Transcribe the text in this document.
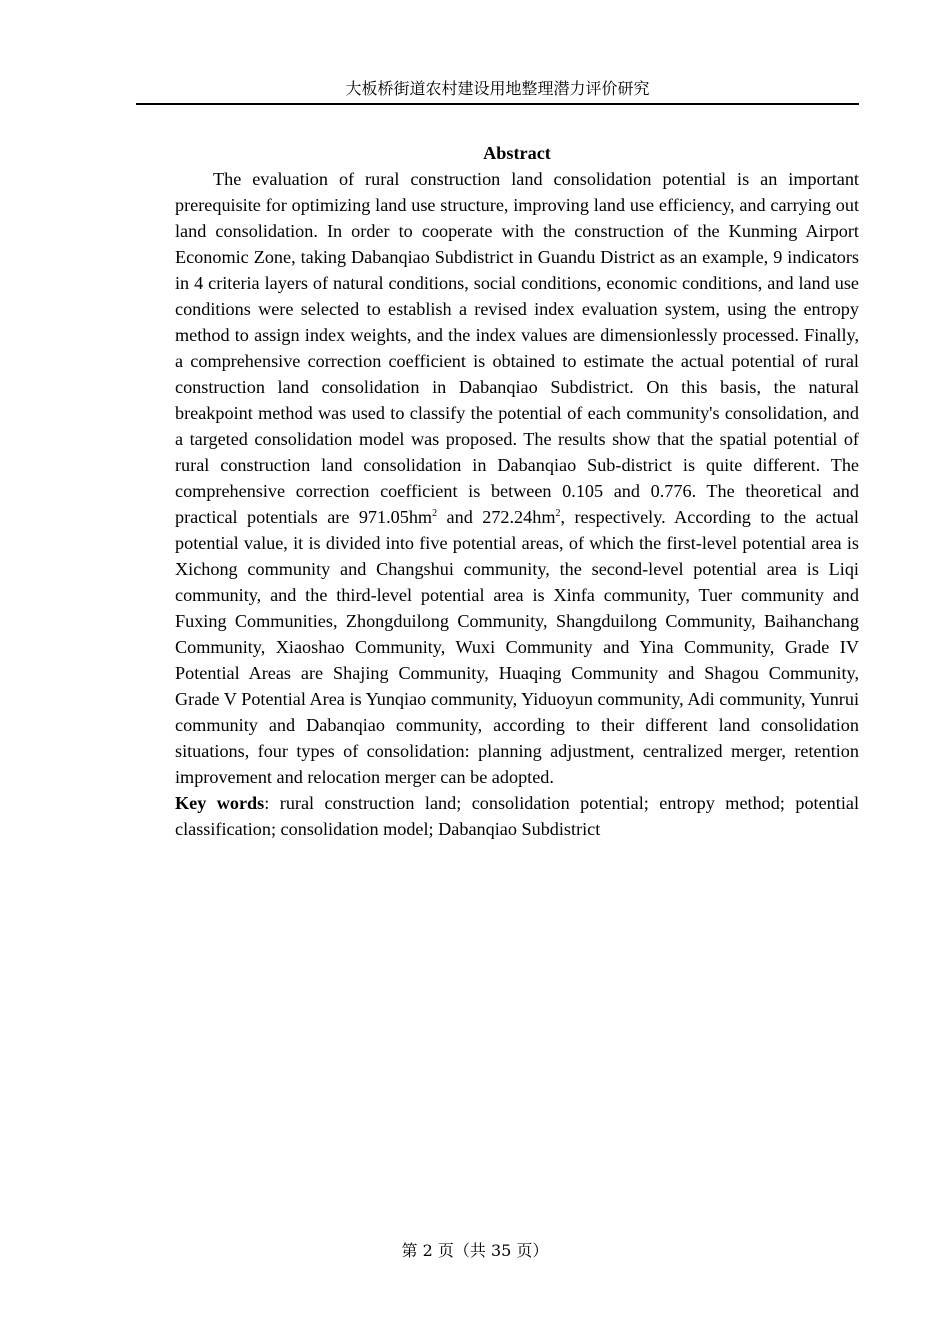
大板桥街道农村建设用地整理潜力评价研究

Abstract

The evaluation of rural construction land consolidation potential is an important prerequisite for optimizing land use structure, improving land use efficiency, and carrying out land consolidation. In order to cooperate with the construction of the Kunming Airport Economic Zone, taking Dabanqiao Subdistrict in Guandu District as an example, 9 indicators in 4 criteria layers of natural conditions, social conditions, economic conditions, and land use conditions were selected to establish a revised index evaluation system, using the entropy method to assign index weights, and the index values are dimensionlessly processed. Finally, a comprehensive correction coefficient is obtained to estimate the actual potential of rural construction land consolidation in Dabanqiao Subdistrict. On this basis, the natural breakpoint method was used to classify the potential of each community's consolidation, and a targeted consolidation model was proposed. The results show that the spatial potential of rural construction land consolidation in Dabanqiao Sub-district is quite different. The comprehensive correction coefficient is between 0.105 and 0.776. The theoretical and practical potentials are $971.05hm^2$ and $272.24hm^2$, respectively. According to the actual potential value, it is divided into five potential areas, of which the first-level potential area is Xichong community and Changshui community, the second-level potential area is Liqi community, and the third-level potential area is Xinfa community, Tuer community and Fuxing Communities, Zhongduilong Community, Shangduilong Community, Baihanchang Community, Xiaoshao Community, Wuxi Community and Yina Community, Grade IV Potential Areas are Shajing Community, Huaqing Community and Shagou Community, Grade V Potential Area is Yunqiao community, Yiduoyun community, Adi community, Yunrui community and Dabanqiao community, according to their different land consolidation situations, four types of consolidation: planning adjustment, centralized merger, retention improvement and relocation merger can be adopted.

Key words: rural construction land; consolidation potential; entropy method; potential classification; consolidation model; Dabanqiao Subdistrict

第 2 页（共 35 页）
